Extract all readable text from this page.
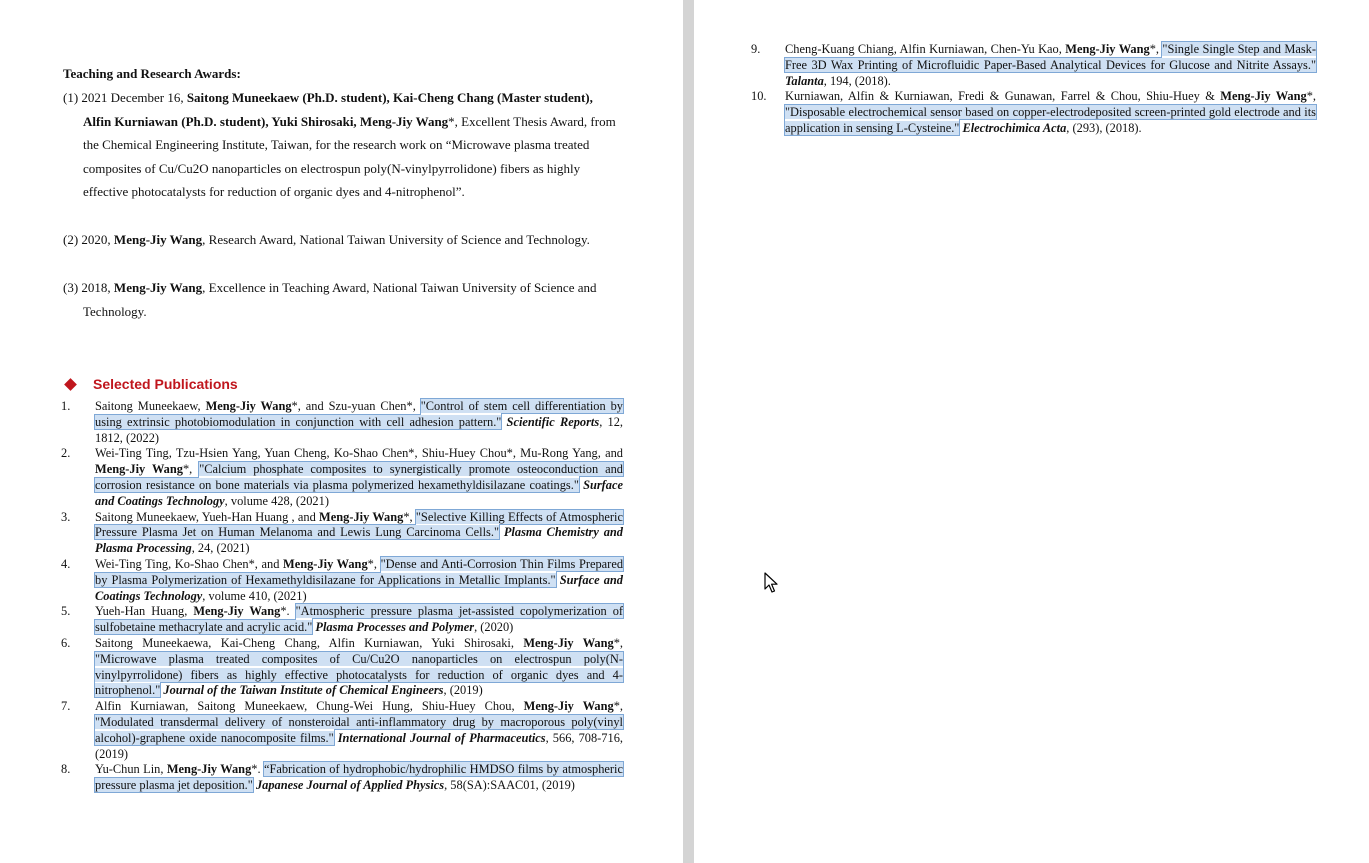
Teaching and Research Awards:

(1) 2021 December 16, Saitong Muneekaew (Ph.D. student), Kai-Cheng Chang (Master student), Alfin Kurniawan (Ph.D. student), Yuki Shirosaki, Meng-Jiy Wang*, Excellent Thesis Award, from the Chemical Engineering Institute, Taiwan, for the research work on “Microwave plasma treated composites of Cu/Cu2O nanoparticles on electrospun poly(N-vinylpyrrolidone) fibers as highly effective photocatalysts for reduction of organic dyes and 4-nitrophenol”.

(2) 2020, Meng-Jiy Wang, Research Award, National Taiwan University of Science and Technology.

(3) 2018, Meng-Jiy Wang, Excellence in Teaching Award, National Taiwan University of Science and Technology.

Selected Publications
1. Saitong Muneekaew, Meng-Jiy Wang*, and Szu-yuan Chen*, "Control of stem cell differentiation by using extrinsic photobiomodulation in conjunction with cell adhesion pattern." Scientific Reports, 12, 1812, (2022)
2. Wei-Ting Ting, Tzu-Hsien Yang, Yuan Cheng, Ko-Shao Chen*, Shiu-Huey Chou*, Mu-Rong Yang, and Meng-Jiy Wang*, "Calcium phosphate composites to synergistically promote osteoconduction and corrosion resistance on bone materials via plasma polymerized hexamethyldisilazane coatings." Surface and Coatings Technology, volume 428, (2021)
3. Saitong Muneekaew, Yueh-Han Huang , and Meng-Jiy Wang*, "Selective Killing Effects of Atmospheric Pressure Plasma Jet on Human Melanoma and Lewis Lung Carcinoma Cells." Plasma Chemistry and Plasma Processing, 24, (2021)
4. Wei-Ting Ting, Ko-Shao Chen*, and Meng-Jiy Wang*, "Dense and Anti-Corrosion Thin Films Prepared by Plasma Polymerization of Hexamethyldisilazane for Applications in Metallic Implants." Surface and Coatings Technology, volume 410, (2021)
5. Yueh-Han Huang, Meng-Jiy Wang*. "Atmospheric pressure plasma jet-assisted copolymerization of sulfobetaine methacrylate and acrylic acid." Plasma Processes and Polymer, (2020)
6. Saitong Muneekaewa, Kai-Cheng Chang, Alfin Kurniawan, Yuki Shirosaki, Meng-Jiy Wang*, "Microwave plasma treated composites of Cu/Cu2O nanoparticles on electrospun poly(N-vinylpyrrolidone) fibers as highly effective photocatalysts for reduction of organic dyes and 4-nitrophenol." Journal of the Taiwan Institute of Chemical Engineers, (2019)
7. Alfin Kurniawan, Saitong Muneekaew, Chung-Wei Hung, Shiu-Huey Chou, Meng-Jiy Wang*, "Modulated transdermal delivery of nonsteroidal anti-inflammatory drug by macroporous poly(vinyl alcohol)-graphene oxide nanocomposite films." International Journal of Pharmaceutics, 566, 708-716, (2019)
8. Yu-Chun Lin, Meng-Jiy Wang*. “Fabrication of hydrophobic/hydrophilic HMDSO films by atmospheric pressure plasma jet deposition." Japanese Journal of Applied Physics, 58(SA):SAAC01, (2019)
9. Cheng-Kuang Chiang, Alfin Kurniawan, Chen-Yu Kao, Meng-Jiy Wang*, "Single Single Step and Mask-Free 3D Wax Printing of Microfluidic Paper-Based Analytical Devices for Glucose and Nitrite Assays." Talanta, 194, (2018).
10. Kurniawan, Alfin & Kurniawan, Fredi & Gunawan, Farrel & Chou, Shiu-Huey & Meng-Jiy Wang*, "Disposable electrochemical sensor based on copper-electrodeposited screen-printed gold electrode and its application in sensing L-Cysteine." Electrochimica Acta, (293), (2018).
